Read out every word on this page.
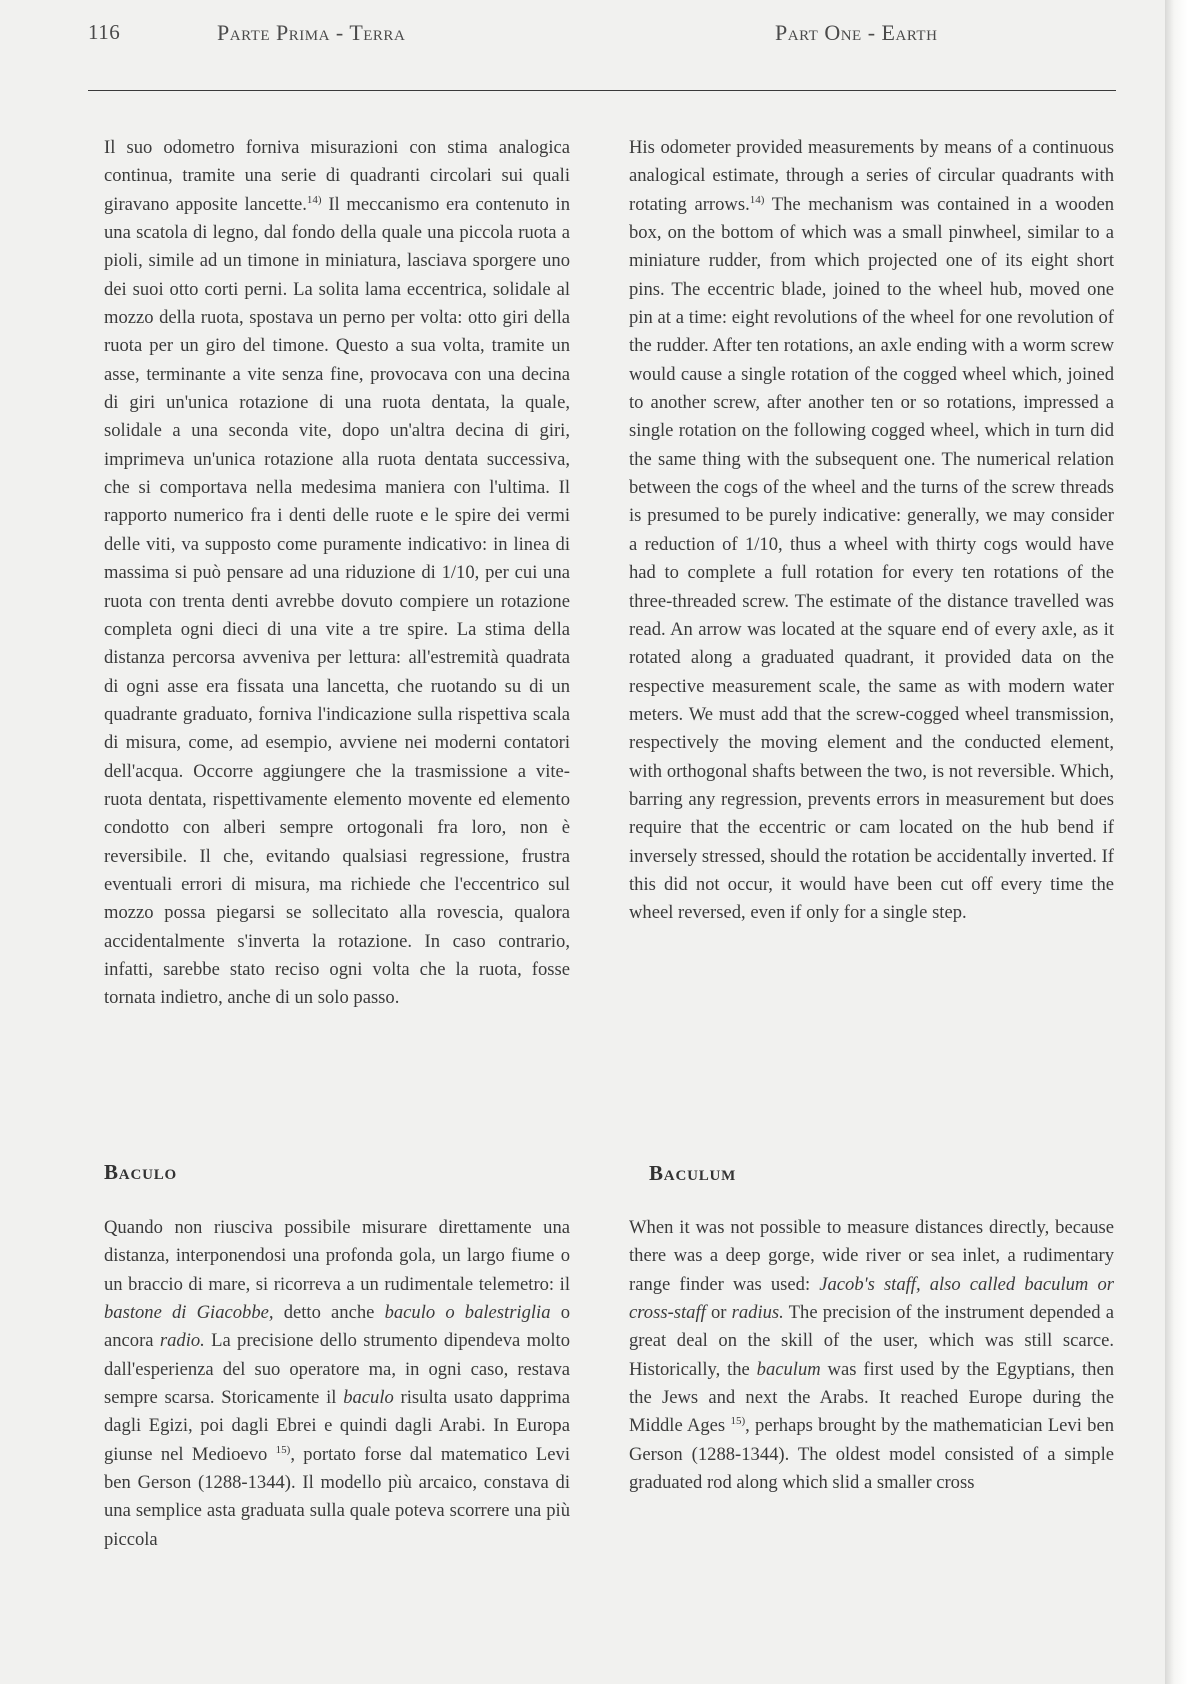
116	Parte Prima - Terra	Part One - Earth

Il suo odometro forniva misurazioni con stima analogica continua, tramite una serie di quadranti circolari sui quali giravano apposite lancette.$^{14)}$ Il meccanismo era contenuto in una scatola di legno, dal fondo della quale una piccola ruota a pioli, simile ad un timone in miniatura, lasciava sporgere uno dei suoi otto corti perni. La solita lama eccentrica, solidale al mozzo della ruota, spostava un perno per volta: otto giri della ruota per un giro del timone. Questo a sua volta, tramite un asse, terminante a vite senza fine, provocava con una decina di giri un'unica rotazione di una ruota dentata, la quale, solidale a una seconda vite, dopo un'altra decina di giri, imprimeva un'unica rotazione alla ruota dentata successiva, che si comportava nella medesima maniera con l'ultima. Il rapporto numerico fra i denti delle ruote e le spire dei vermi delle viti, va supposto come puramente indicativo: in linea di massima si può pensare ad una riduzione di 1/10, per cui una ruota con trenta denti avrebbe dovuto compiere un rotazione completa ogni dieci di una vite a tre spire. La stima della distanza percorsa avveniva per lettura: all'estremità quadrata di ogni asse era fissata una lancetta, che ruotando su di un quadrante graduato, forniva l'indicazione sulla rispettiva scala di misura, come, ad esempio, avviene nei moderni contatori dell'acqua. Occorre aggiungere che la trasmissione a vite-ruota dentata, rispettivamente elemento movente ed elemento condotto con alberi sempre ortogonali fra loro, non è reversibile. Il che, evitando qualsiasi regressione, frustra eventuali errori di misura, ma richiede che l'eccentrico sul mozzo possa piegarsi se sollecitato alla rovescia, qualora accidentalmente s'inverta la rotazione. In caso contrario, infatti, sarebbe stato reciso ogni volta che la ruota, fosse tornata indietro, anche di un solo passo.

His odometer provided measurements by means of a continuous analogical estimate, through a series of circular quadrants with rotating arrows.$^{14)}$ The mechanism was contained in a wooden box, on the bottom of which was a small pinwheel, similar to a miniature rudder, from which projected one of its eight short pins. The eccentric blade, joined to the wheel hub, moved one pin at a time: eight revolutions of the wheel for one revolution of the rudder. After ten rotations, an axle ending with a worm screw would cause a single rotation of the cogged wheel which, joined to another screw, after another ten or so rotations, impressed a single rotation on the following cogged wheel, which in turn did the same thing with the subsequent one. The numerical relation between the cogs of the wheel and the turns of the screw threads is presumed to be purely indicative: generally, we may consider a reduction of 1/10, thus a wheel with thirty cogs would have had to complete a full rotation for every ten rotations of the three-threaded screw. The estimate of the distance travelled was read. An arrow was located at the square end of every axle, as it rotated along a graduated quadrant, it provided data on the respective measurement scale, the same as with modern water meters. We must add that the screw-cogged wheel transmission, respectively the moving element and the conducted element, with orthogonal shafts between the two, is not reversible. Which, barring any regression, prevents errors in measurement but does require that the eccentric or cam located on the hub bend if inversely stressed, should the rotation be accidentally inverted. If this did not occur, it would have been cut off every time the wheel reversed, even if only for a single step.

Baculo	Baculum

Quando non riusciva possibile misurare direttamente una distanza, interponendosi una profonda gola, un largo fiume o un braccio di mare, si ricorreva a un rudimentale telemetro: il bastone di Giacobbe, detto anche baculo o balestriglia o ancora radio. La precisione dello strumento dipendeva molto dall'esperienza del suo operatore ma, in ogni caso, restava sempre scarsa. Storicamente il baculo risulta usato dapprima dagli Egizi, poi dagli Ebrei e quindi dagli Arabi. In Europa giunse nel Medioevo $^{15)}$, portato forse dal matematico Levi ben Gerson (1288-1344). Il modello più arcaico, constava di una semplice asta graduata sulla quale poteva scorrere una più piccola

When it was not possible to measure distances directly, because there was a deep gorge, wide river or sea inlet, a rudimentary range finder was used: Jacob's staff, also called baculum or cross-staff or radius. The precision of the instrument depended a great deal on the skill of the user, which was still scarce. Historically, the baculum was first used by the Egyptians, then the Jews and next the Arabs. It reached Europe during the Middle Ages $^{15)}$, perhaps brought by the mathematician Levi ben Gerson (1288-1344). The oldest model consisted of a simple graduated rod along which slid a smaller cross
